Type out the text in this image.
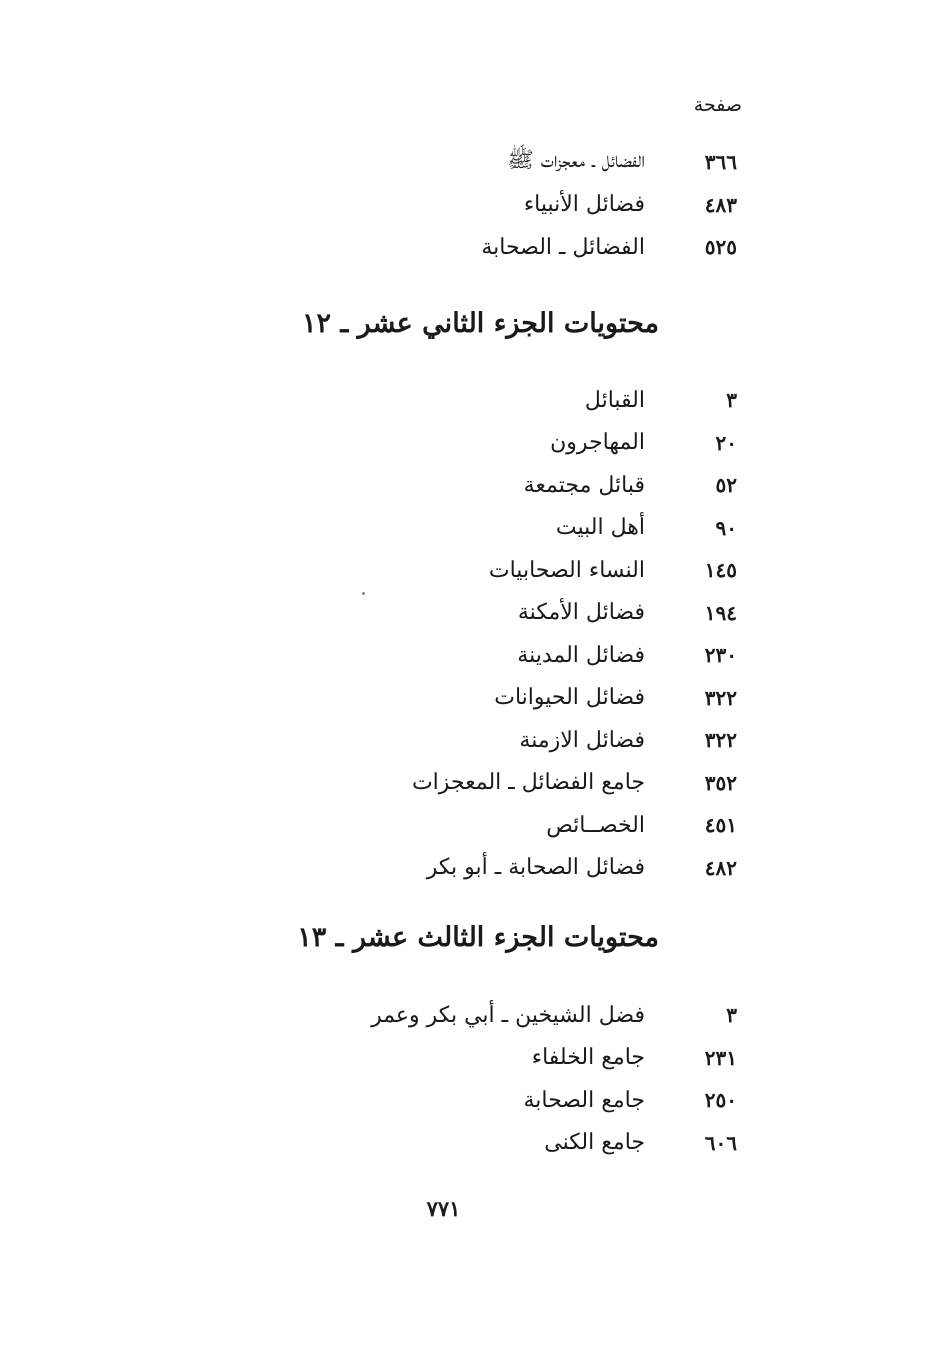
صفحة
٣٦٦
الفضائل ـ معجزات ﷺ
٤٨٣
فضائل الأنبياء
٥٢٥
الفضائل ـ الصحابة
محتويات الجزء الثاني عشر ـ ١٢
٣
القبائل
٢٠
المهاجرون
٥٢
قبائل مجتمعة
٩٠
أهل البيت
١٤٥
النساء الصحابيات
١٩٤
فضائل الأمكنة
٢٣٠
فضائل المدينة
٣٢٢
فضائل الحيوانات
٣٢٢
فضائل الازمنة
٣٥٢
جامع الفضائل ـ المعجزات
٤٥١
الخصــائص
٤٨٢
فضائل الصحابة ـ أبو بكر
محتويات الجزء الثالث عشر ـ ١٣
٣
فضل الشيخين ـ أبي بكر وعمر
٢٣١
جامع الخلفاء
٢٥٠
جامع الصحابة
٦٠٦
جامع الكنى
٧٧١
